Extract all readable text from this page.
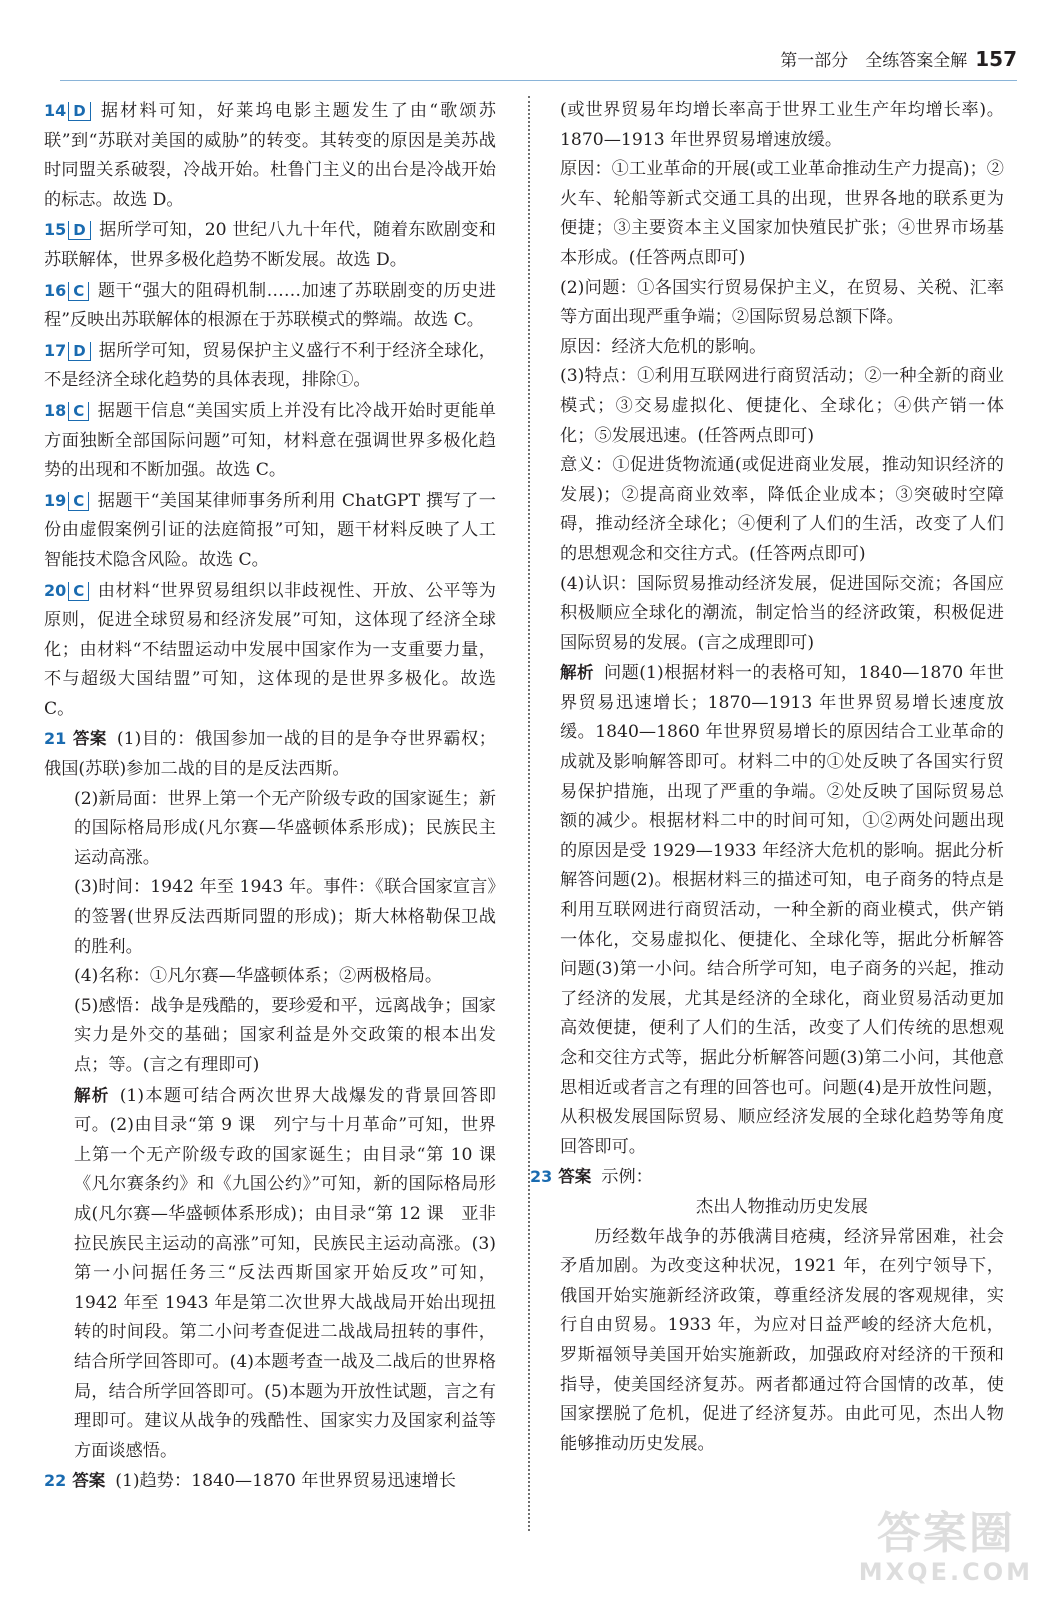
第一部分　全练答案全解 157

14 D 据材料可知，好莱坞电影主题发生了由“歌颂苏联”到“苏联对美国的威胁”的转变。其转变的原因是美苏战时同盟关系破裂，冷战开始。杜鲁门主义的出台是冷战开始的标志。故选 D。

15 D 据所学可知，20 世纪八九十年代，随着东欧剧变和苏联解体，世界多极化趋势不断发展。故选 D。

16 C 题干“强大的阻碍机制……加速了苏联剧变的历史进程”反映出苏联解体的根源在于苏联模式的弊端。故选 C。

17 D 据所学可知，贸易保护主义盛行不利于经济全球化，不是经济全球化趋势的具体表现，排除①。

18 C 据题干信息“美国实质上并没有比冷战开始时更能单方面独断全部国际问题”可知，材料意在强调世界多极化趋势的出现和不断加强。故选 C。

19 C 据题干“美国某律师事务所利用 ChatGPT 撰写了一份由虚假案例引证的法庭简报”可知，题干材料反映了人工智能技术隐含风险。故选 C。

20 C 由材料“世界贸易组织以非歧视性、开放、公平等为原则，促进全球贸易和经济发展”可知，这体现了经济全球化；由材料“不结盟运动中发展中国家作为一支重要力量，不与超级大国结盟”可知，这体现的是世界多极化。故选 C。

21 答案 (1)目的：俄国参加一战的目的是争夺世界霸权；俄国(苏联)参加二战的目的是反法西斯。

(2)新局面：世界上第一个无产阶级专政的国家诞生；新的国际格局形成(凡尔赛—华盛顿体系形成)；民族民主运动高涨。

(3)时间：1942 年至 1943 年。事件：《联合国家宣言》的签署(世界反法西斯同盟的形成)；斯大林格勒保卫战的胜利。

(4)名称：①凡尔赛—华盛顿体系；②两极格局。

(5)感悟：战争是残酷的，要珍爱和平，远离战争；国家实力是外交的基础；国家利益是外交政策的根本出发点；等。(言之有理即可)

解析 (1)本题可结合两次世界大战爆发的背景回答即可。(2)由目录“第 9 课　列宁与十月革命”可知，世界上第一个无产阶级专政的国家诞生；由目录“第 10 课　《凡尔赛条约》和《九国公约》”可知，新的国际格局形成(凡尔赛—华盛顿体系形成)；由目录“第 12 课　亚非拉民族民主运动的高涨”可知，民族民主运动高涨。(3)第一小问据任务三“反法西斯国家开始反攻”可知，1942 年至 1943 年是第二次世界大战战局开始出现扭转的时间段。第二小问考查促进二战战局扭转的事件，结合所学回答即可。(4)本题考查一战及二战后的世界格局，结合所学回答即可。(5)本题为开放性试题，言之有理即可。建议从战争的残酷性、国家实力及国家利益等方面谈感悟。

22 答案 (1)趋势：1840—1870 年世界贸易迅速增长

(或世界贸易年均增长率高于世界工业生产年均增长率)。1870—1913 年世界贸易增速放缓。

原因：①工业革命的开展(或工业革命推动生产力提高)；②火车、轮船等新式交通工具的出现，世界各地的联系更为便捷；③主要资本主义国家加快殖民扩张；④世界市场基本形成。(任答两点即可)

(2)问题：①各国实行贸易保护主义，在贸易、关税、汇率等方面出现严重争端；②国际贸易总额下降。

原因：经济大危机的影响。

(3)特点：①利用互联网进行商贸活动；②一种全新的商业模式；③交易虚拟化、便捷化、全球化；④供产销一体化；⑤发展迅速。(任答两点即可)

意义：①促进货物流通(或促进商业发展，推动知识经济的发展)；②提高商业效率，降低企业成本；③突破时空障碍，推动经济全球化；④便利了人们的生活，改变了人们的思想观念和交往方式。(任答两点即可)

(4)认识：国际贸易推动经济发展，促进国际交流；各国应积极顺应全球化的潮流，制定恰当的经济政策，积极促进国际贸易的发展。(言之成理即可)

解析 问题(1)根据材料一的表格可知，1840—1870 年世界贸易迅速增长；1870—1913 年世界贸易增长速度放缓。1840—1860 年世界贸易增长的原因结合工业革命的成就及影响解答即可。材料二中的①处反映了各国实行贸易保护措施，出现了严重的争端。②处反映了国际贸易总额的减少。根据材料二中的时间可知，①②两处问题出现的原因是受 1929—1933 年经济大危机的影响。据此分析解答问题(2)。根据材料三的描述可知，电子商务的特点是利用互联网进行商贸活动，一种全新的商业模式，供产销一体化，交易虚拟化、便捷化、全球化等，据此分析解答问题(3)第一小问。结合所学可知，电子商务的兴起，推动了经济的发展，尤其是经济的全球化，商业贸易活动更加高效便捷，便利了人们的生活，改变了人们传统的思想观念和交往方式等，据此分析解答问题(3)第二小问，其他意思相近或者言之有理的回答也可。问题(4)是开放性问题，从积极发展国际贸易、顺应经济发展的全球化趋势等角度回答即可。

23 答案 示例：

杰出人物推动历史发展

历经数年战争的苏俄满目疮痍，经济异常困难，社会矛盾加剧。为改变这种状况，1921 年，在列宁领导下，俄国开始实施新经济政策，尊重经济发展的客观规律，实行自由贸易。1933 年，为应对日益严峻的经济大危机，罗斯福领导美国开始实施新政，加强政府对经济的干预和指导，使美国经济复苏。两者都通过符合国情的改革，使国家摆脱了危机，促进了经济复苏。由此可见，杰出人物能够推动历史发展。

答案圈
MXQE.COM
